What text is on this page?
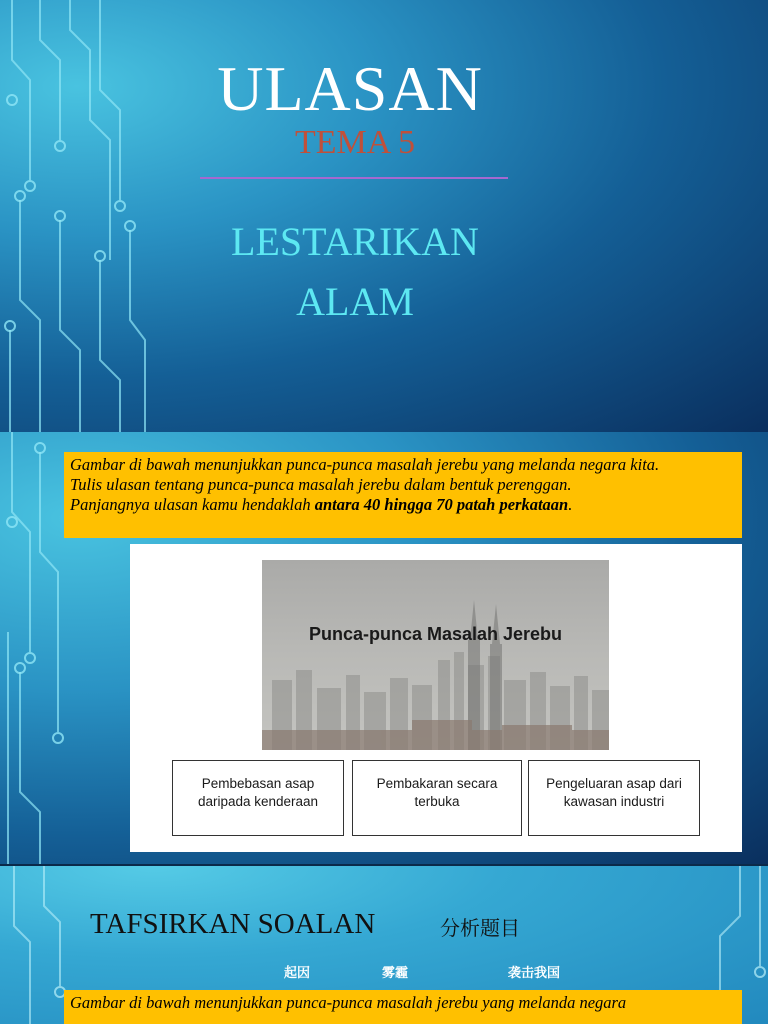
ULASAN
TEMA 5
LESTARIKAN
ALAM
Gambar di bawah menunjukkan punca-punca masalah jerebu yang melanda negara kita.
Tulis ulasan tentang punca-punca masalah jerebu dalam bentuk perenggan.
Panjangnya ulasan kamu hendaklah antara 40 hingga 70 patah perkataan.
Punca-punca Masalah Jerebu
Pembebasan asap daripada kenderaan
Pembakaran secara terbuka
Pengeluaran asap dari kawasan industri
TAFSIRKAN SOALAN	分析题目
起因	雾霾	袭击我国
Gambar di bawah menunjukkan punca-punca masalah jerebu yang melanda negara
